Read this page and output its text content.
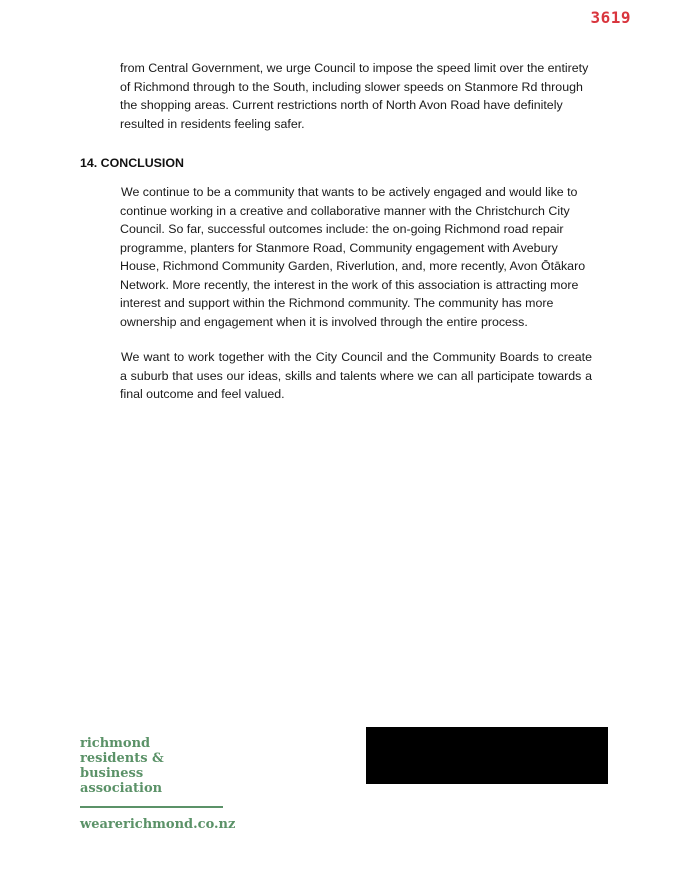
3619

from Central Government, we urge Council to impose the speed limit over the entirety of Richmond through to the South, including slower speeds on Stanmore Rd through the shopping areas. Current restrictions north of North Avon Road have definitely resulted in residents feeling safer.

14. CONCLUSION

We continue to be a community that wants to be actively engaged and would like to continue working in a creative and collaborative manner with the Christchurch City Council. So far, successful outcomes include: the on-going Richmond road repair programme, planters for Stanmore Road, Community engagement with Avebury House, Richmond Community Garden, Riverlution, and, more recently, Avon Ōtākaro Network. More recently, the interest in the work of this association is attracting more interest and support within the Richmond community. The community has more ownership and engagement when it is involved through the entire process.

We want to work together with the City Council and the Community Boards to create a suburb that uses our ideas, skills and talents where we can all participate towards a final outcome and feel valued.

richmond
residents &
business
association
wearerichmond.co.nz
